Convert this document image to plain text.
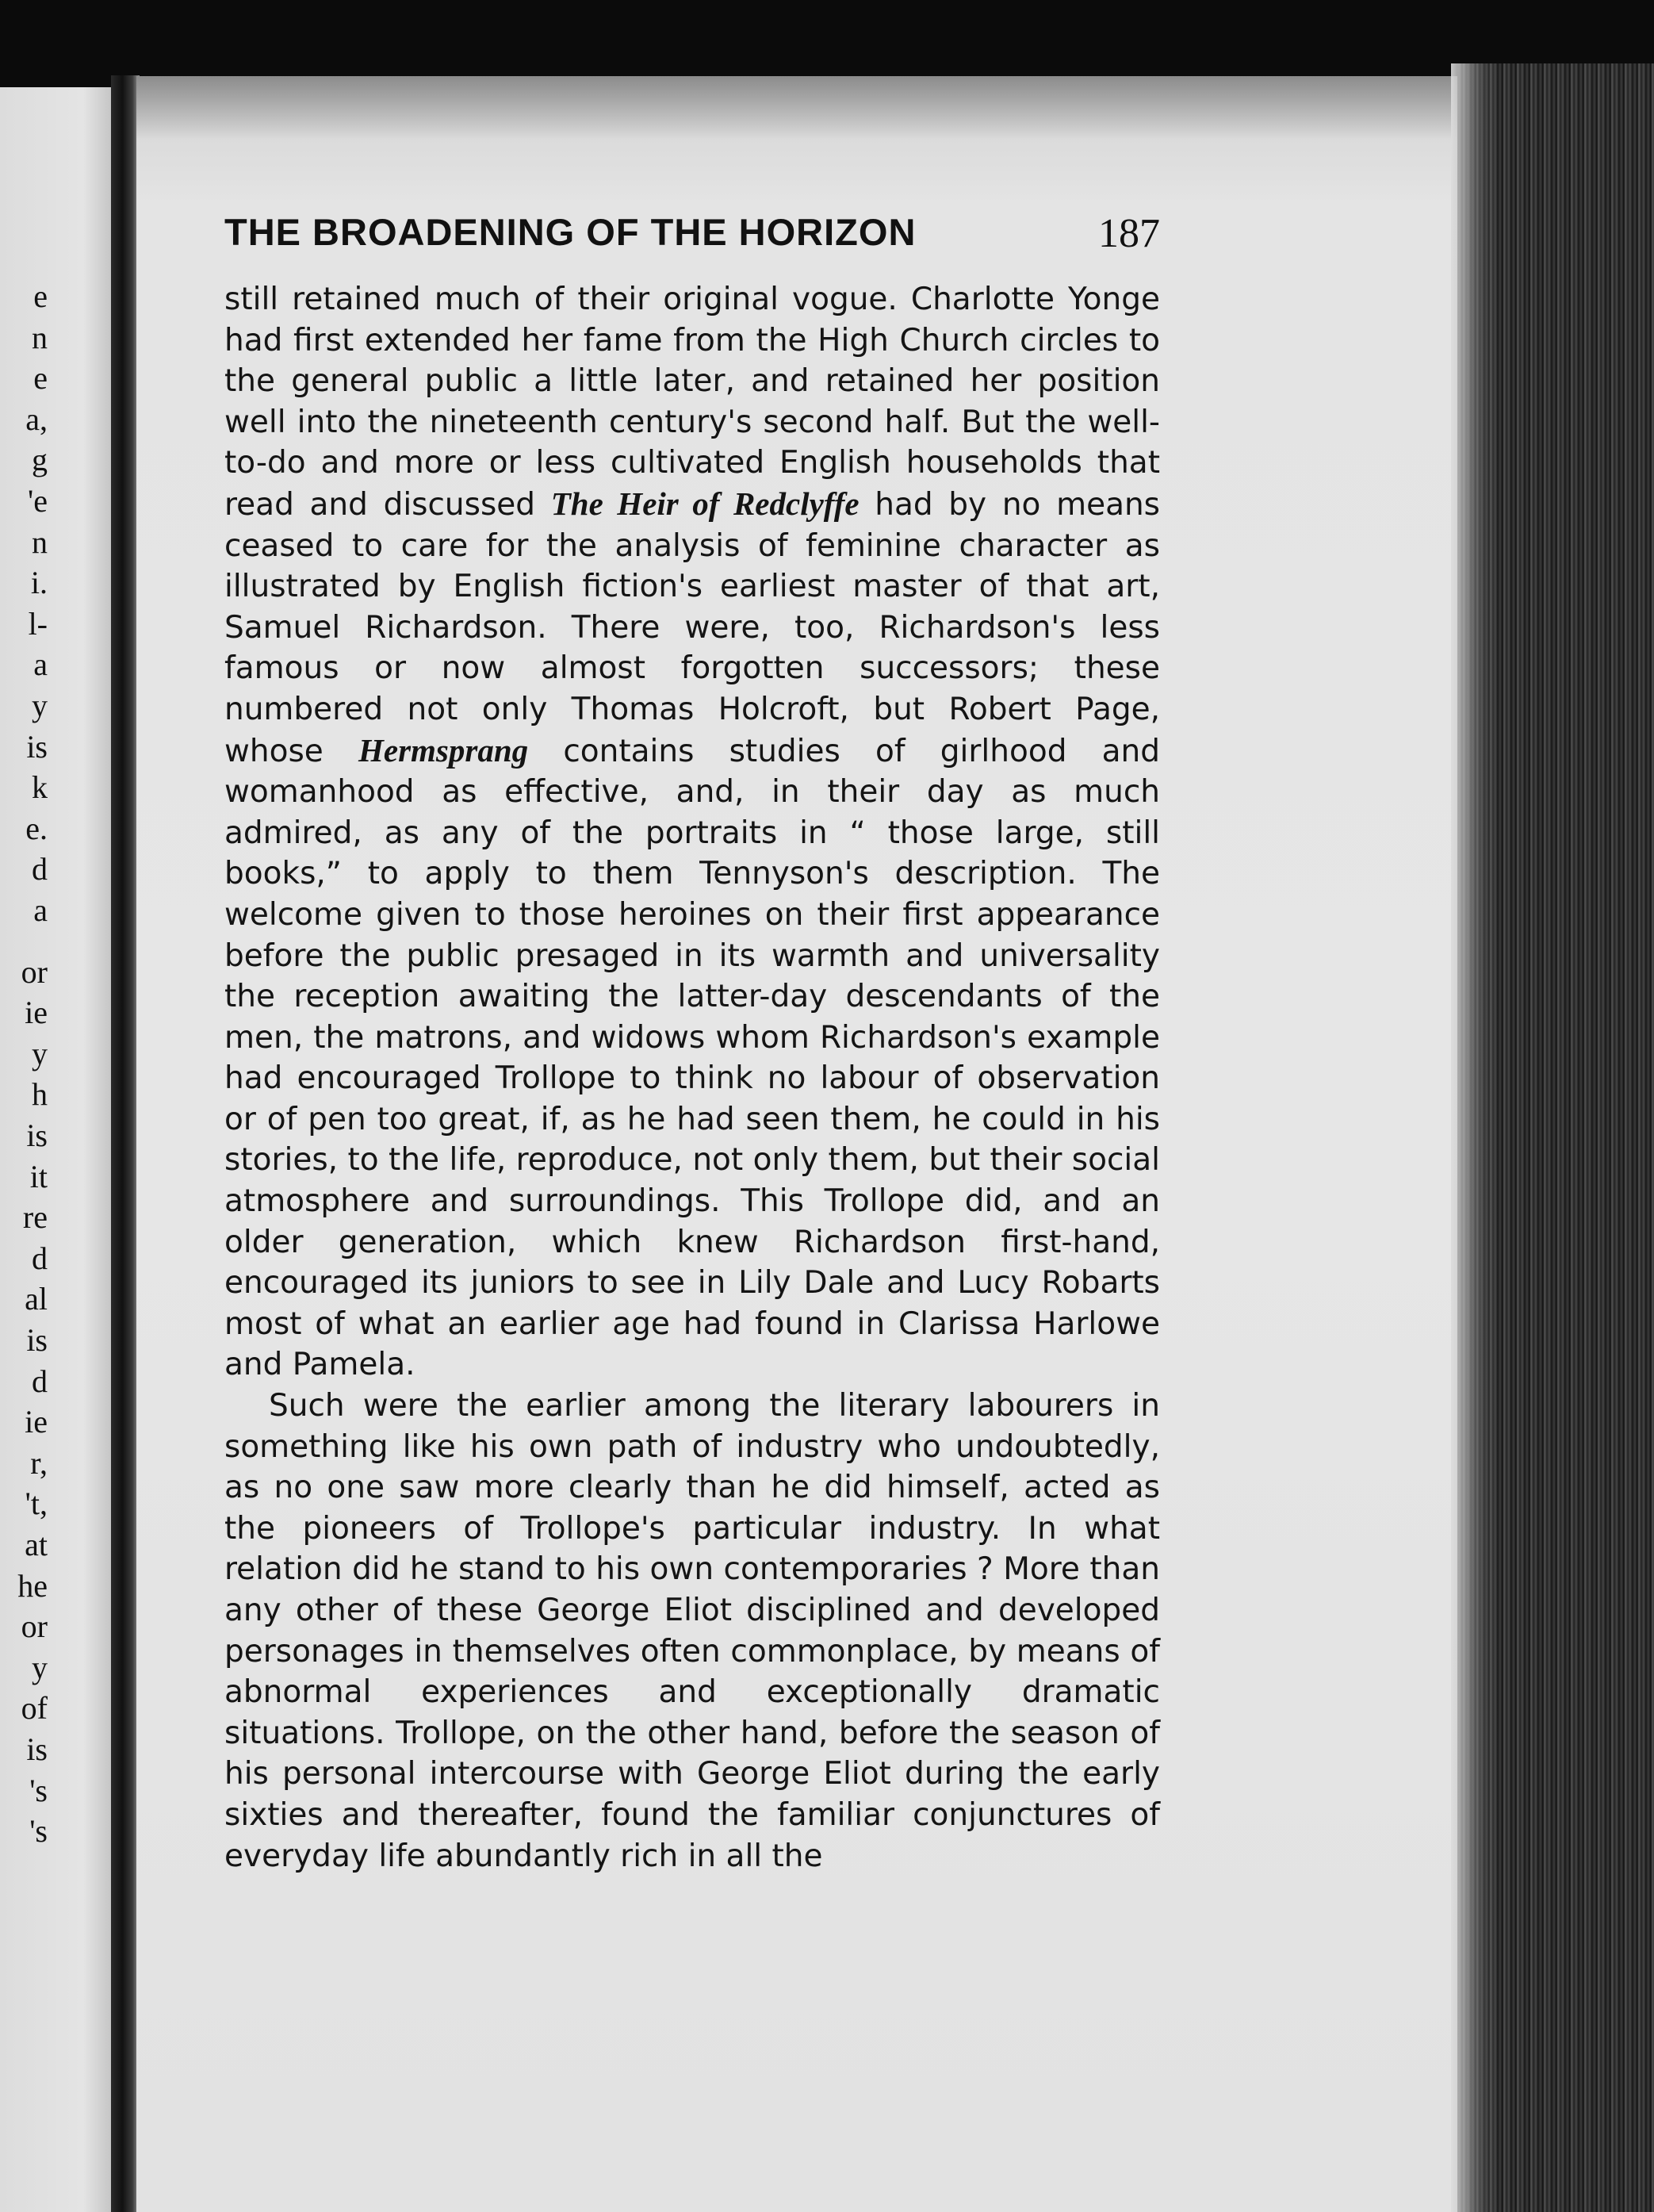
e
n
e
a,
g
'e
n
i.
l-
a
y
is
k
e.
d
a
or
ie
y
h
is
it
re
d
al
is
d
ie
r,
't,
at
he
or
y
of
is
's
's
THE BROADENING OF THE HORIZON	187

still retained much of their original vogue. Charlotte Yonge had first extended her fame from the High Church circles to the general public a little later, and retained her position well into the nineteenth century's second half. But the well-to-do and more or less cultivated English households that read and discussed The Heir of Redclyffe had by no means ceased to care for the analysis of feminine character as illustrated by English fiction's earliest master of that art, Samuel Richardson. There were, too, Richardson's less famous or now almost forgotten successors; these numbered not only Thomas Holcroft, but Robert Page, whose Hermsprang contains studies of girlhood and womanhood as effective, and, in their day as much admired, as any of the portraits in “ those large, still books,” to apply to them Tennyson's description. The welcome given to those heroines on their first appearance before the public presaged in its warmth and universality the reception awaiting the latter-day descendants of the men, the matrons, and widows whom Richardson's example had encouraged Trollope to think no labour of observation or of pen too great, if, as he had seen them, he could in his stories, to the life, reproduce, not only them, but their social atmosphere and surroundings. This Trollope did, and an older generation, which knew Richardson first-hand, encouraged its juniors to see in Lily Dale and Lucy Robarts most of what an earlier age had found in Clarissa Harlowe and Pamela.

Such were the earlier among the literary labourers in something like his own path of industry who undoubtedly, as no one saw more clearly than he did himself, acted as the pioneers of Trollope's particular industry. In what relation did he stand to his own contemporaries ? More than any other of these George Eliot disciplined and developed personages in themselves often commonplace, by means of abnormal experiences and exceptionally dramatic situations. Trollope, on the other hand, before the season of his personal intercourse with George Eliot during the early sixties and thereafter, found the familiar conjunctures of everyday life abundantly rich in all the
